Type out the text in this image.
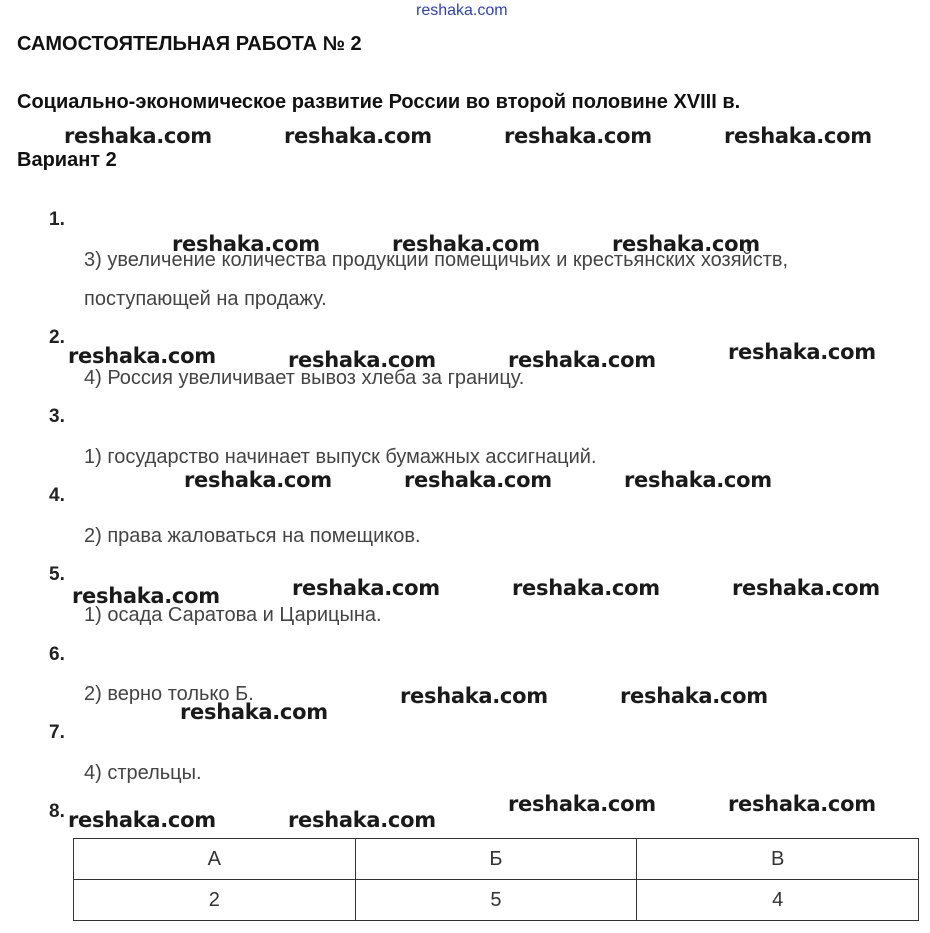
reshaka.com
САМОСТОЯТЕЛЬНАЯ РАБОТА № 2
Социально-экономическое развитие России во второй половине XVIII в.
Вариант 2
1.
3) увеличение количества продукции помещичьих и крестьянских хозяйств,
поступающей на продажу.
2.
4) Россия увеличивает вывоз хлеба за границу.
3.
1) государство начинает выпуск бумажных ассигнаций.
4.
2) права жаловаться на помещиков.
5.
1) осада Саратова и Царицына.
6.
2) верно только Б.
7.
4) стрельцы.
8.
А	Б	В
2	5	4
reshaka.com	reshaka.com	reshaka.com	reshaka.com
reshaka.com	reshaka.com	reshaka.com
reshaka.com	reshaka.com	reshaka.com	reshaka.com
reshaka.com	reshaka.com	reshaka.com
reshaka.com	reshaka.com	reshaka.com	reshaka.com
reshaka.com
reshaka.com	reshaka.com
reshaka.com	reshaka.com
reshaka.com	reshaka.com
